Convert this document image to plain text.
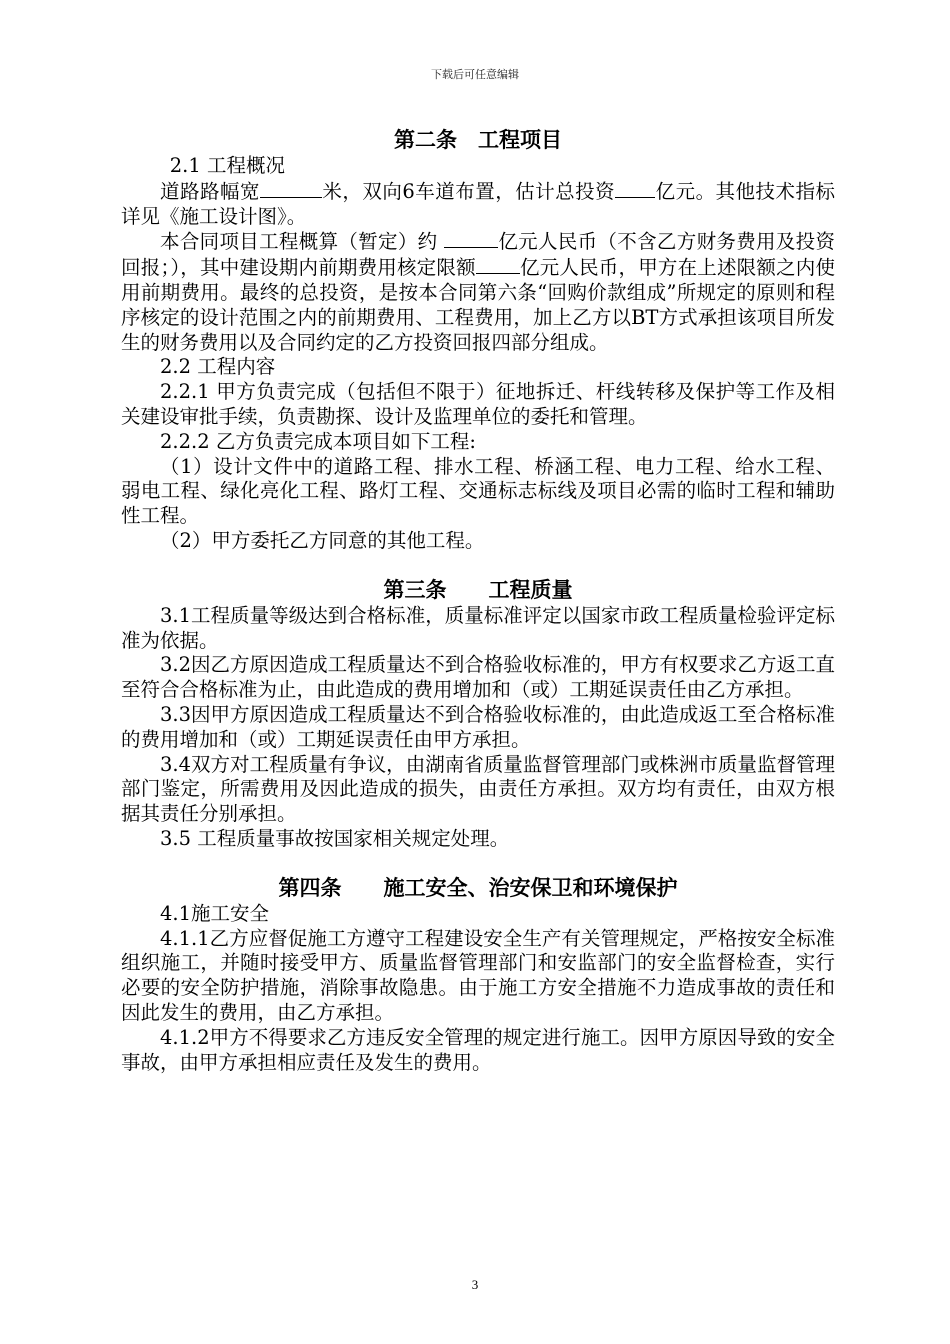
下载后可任意编辑
第二条　工程项目

2.1 工程概况

道路路幅宽	米，双向6车道布置，估计总投资 亿元。其他技术指标详见《施工设计图》。

本合同项目工程概算（暂定）约	亿元人民币（不含乙方财务费用及投资回报；），其中建设期内前期费用核定限额 亿元人民币，甲方在上述限额之内使用前期费用。最终的总投资，是按本合同第六条“回购价款组成”所规定的原则和程序核定的设计范围之内的前期费用、工程费用，加上乙方以BT方式承担该项目所发生的财务费用以及合同约定的乙方投资回报四部分组成。

2.2 工程内容

2.2.1 甲方负责完成（包括但不限于）征地拆迁、杆线转移及保护等工作及相关建设审批手续，负责勘探、设计及监理单位的委托和管理。

2.2.2 乙方负责完成本项目如下工程:

（1）设计文件中的道路工程、排水工程、桥涵工程、电力工程、给水工程、弱电工程、绿化亮化工程、路灯工程、交通标志标线及项目必需的临时工程和辅助性工程。

（2）甲方委托乙方同意的其他工程。

第三条　　工程质量

3.1工程质量等级达到合格标准，质量标准评定以国家市政工程质量检验评定标准为依据。

3.2因乙方原因造成工程质量达不到合格验收标准的，甲方有权要求乙方返工直至符合合格标准为止，由此造成的费用增加和（或）工期延误责任由乙方承担。

3.3因甲方原因造成工程质量达不到合格验收标准的，由此造成返工至合格标准的费用增加和（或）工期延误责任由甲方承担。

3.4双方对工程质量有争议，由湖南省质量监督管理部门或株洲市质量监督管理部门鉴定，所需费用及因此造成的损失，由责任方承担。双方均有责任，由双方根据其责任分别承担。

3.5 工程质量事故按国家相关规定处理。

第四条　　施工安全、治安保卫和环境保护

4.1施工安全

4.1.1乙方应督促施工方遵守工程建设安全生产有关管理规定，严格按安全标准组织施工，并随时接受甲方、质量监督管理部门和安监部门的安全监督检查，实行必要的安全防护措施，消除事故隐患。由于施工方安全措施不力造成事故的责任和因此发生的费用，由乙方承担。

4.1.2甲方不得要求乙方违反安全管理的规定进行施工。因甲方原因导致的安全事故，由甲方承担相应责任及发生的费用。

3
